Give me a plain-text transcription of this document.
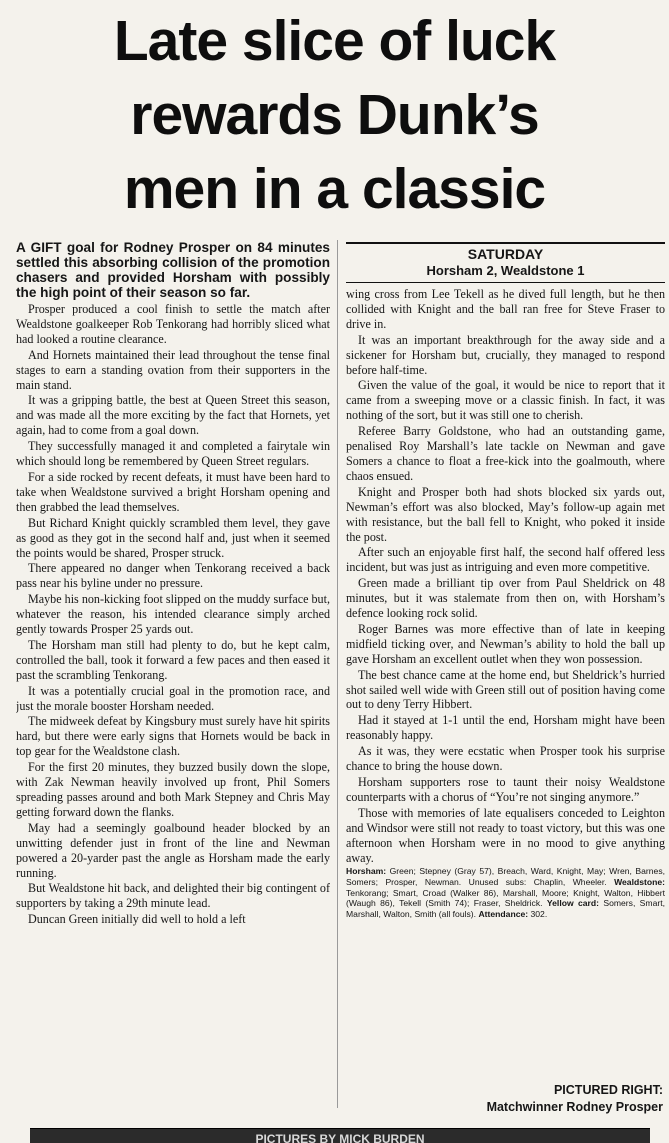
Late slice of luck
rewards Dunk’s
men in a classic

A GIFT goal for Rodney Prosper on 84 minutes settled this absorbing collision of the promotion chasers and provided Horsham with possibly the high point of their season so far.

Prosper produced a cool finish to settle the match after Wealdstone goalkeeper Rob Tenkorang had horribly sliced what had looked a routine clearance.

And Hornets maintained their lead throughout the tense final stages to earn a standing ovation from their supporters in the main stand.

It was a gripping battle, the best at Queen Street this season, and was made all the more exciting by the fact that Hornets, yet again, had to come from a goal down.

They successfully managed it and completed a fairytale win which should long be remembered by Queen Street regulars.

For a side rocked by recent defeats, it must have been hard to take when Wealdstone survived a bright Horsham opening and then grabbed the lead themselves.

But Richard Knight quickly scrambled them level, they gave as good as they got in the second half and, just when it seemed the points would be shared, Prosper struck.

There appeared no danger when Tenkorang received a back pass near his byline under no pressure.

Maybe his non-kicking foot slipped on the muddy surface but, whatever the reason, his intended clearance simply arched gently towards Prosper 25 yards out.

The Horsham man still had plenty to do, but he kept calm, controlled the ball, took it forward a few paces and then eased it past the scrambling Tenkorang.

It was a potentially crucial goal in the promotion race, and just the morale booster Horsham needed.

The midweek defeat by Kingsbury must surely have hit spirits hard, but there were early signs that Hornets would be back in top gear for the Wealdstone clash.

For the first 20 minutes, they buzzed busily down the slope, with Zak Newman heavily involved up front, Phil Somers spreading passes around and both Mark Stepney and Chris May getting forward down the flanks.

May had a seemingly goalbound header blocked by an unwitting defender just in front of the line and Newman powered a 20-yarder past the angle as Horsham made the early running.

But Wealdstone hit back, and delighted their big contingent of supporters by taking a 29th minute lead.

Duncan Green initially did well to hold a left

SATURDAY
Horsham 2, Wealdstone 1

wing cross from Lee Tekell as he dived full length, but he then collided with Knight and the ball ran free for Steve Fraser to drive in.

It was an important breakthrough for the away side and a sickener for Horsham but, crucially, they managed to respond before half-time.

Given the value of the goal, it would be nice to report that it came from a sweeping move or a classic finish. In fact, it was nothing of the sort, but it was still one to cherish.

Referee Barry Goldstone, who had an outstanding game, penalised Roy Marshall’s late tackle on Newman and gave Somers a chance to float a free-kick into the goalmouth, where chaos ensued.

Knight and Prosper both had shots blocked six yards out, Newman’s effort was also blocked, May’s follow-up again met with resistance, but the ball fell to Knight, who poked it inside the post.

After such an enjoyable first half, the second half offered less incident, but was just as intriguing and even more competitive.

Green made a brilliant tip over from Paul Sheldrick on 48 minutes, but it was stalemate from then on, with Horsham’s defence looking rock solid.

Roger Barnes was more effective than of late in keeping midfield ticking over, and Newman’s ability to hold the ball up gave Horsham an excellent outlet when they won possession.

The best chance came at the home end, but Sheldrick’s hurried shot sailed well wide with Green still out of position having come out to deny Terry Hibbert.

Had it stayed at 1-1 until the end, Horsham might have been reasonably happy.

As it was, they were ecstatic when Prosper took his surprise chance to bring the house down.

Horsham supporters rose to taunt their noisy Wealdstone counterparts with a chorus of “You’re not singing anymore.”

Those with memories of late equalisers conceded to Leighton and Windsor were still not ready to toast victory, but this was one afternoon when Horsham were in no mood to give anything away.

Horsham: Green; Stepney (Gray 57), Breach, Ward, Knight, May; Wren, Barnes, Somers; Prosper, Newman. Unused subs: Chaplin, Wheeler. Wealdstone: Tenkorang; Smart, Croad (Walker 86), Marshall, Moore; Knight, Walton, Hibbert (Waugh 86), Tekell (Smith 74); Fraser, Sheldrick. Yellow card: Somers, Smart, Marshall, Walton, Smith (all fouls). Attendance: 302.
PICTURED RIGHT:
Matchwinner Rodney Prosper
PICTURES BY MICK BURDEN
